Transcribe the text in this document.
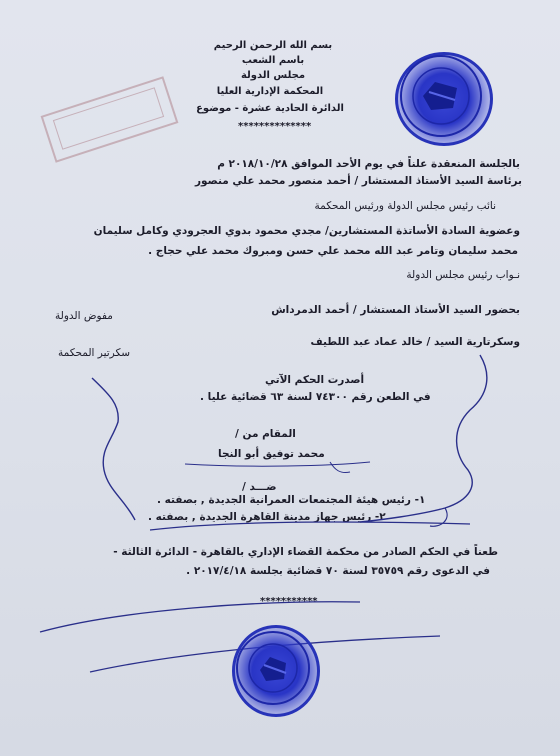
بسم الله الرحمن الرحيم
باسم الشعب
مجلس الدولة
المحكمة الإدارية العليا
الدائرة الحادية عشرة - موضوع
**************
بالجلسة المنعقدة علناً في يوم الأحد الموافق ٢٠١٨/١٠/٢٨ م
برئاسة السيد الأستاذ المستشار / أحمد منصور محمد علي منصور
نائب رئيس مجلس الدولة ورئيس المحكمة
وعضوية السادة الأساتذة المستشارين/ مجدي محمود بدوي العجرودي وكامل سليمان
محمد سليمان وتامر عبد الله محمد علي حسن ومبروك محمد علي حجاج .
نـواب رئيس مجلس الدولة
بحضور السيد الأستاذ المستشار / أحمد الدمرداش
مفوض الدولة
وسكرتارية السيد / خالد عماد عبد اللطيف
سكرتير المحكمة
أصدرت الحكم الآتي
في الطعن رقم ٧٤٣٠٠ لسنة ٦٣ قضائية عليا .
المقام من /
محمد توفيق أبو النجا
ضـــد /
١- رئيس هيئة المجتمعات العمرانية الجديدة , بصفته .
٢- رئيس جهاز مدينة القاهرة الجديدة , بصفته .
طعناً في الحكم الصادر من محكمة القضاء الإداري بالقاهرة - الدائرة الثالثة -
في الدعوى رقم ٣٥٧٥٩ لسنة ٧٠ قضائية بجلسة ٢٠١٧/٤/١٨ .
***********
